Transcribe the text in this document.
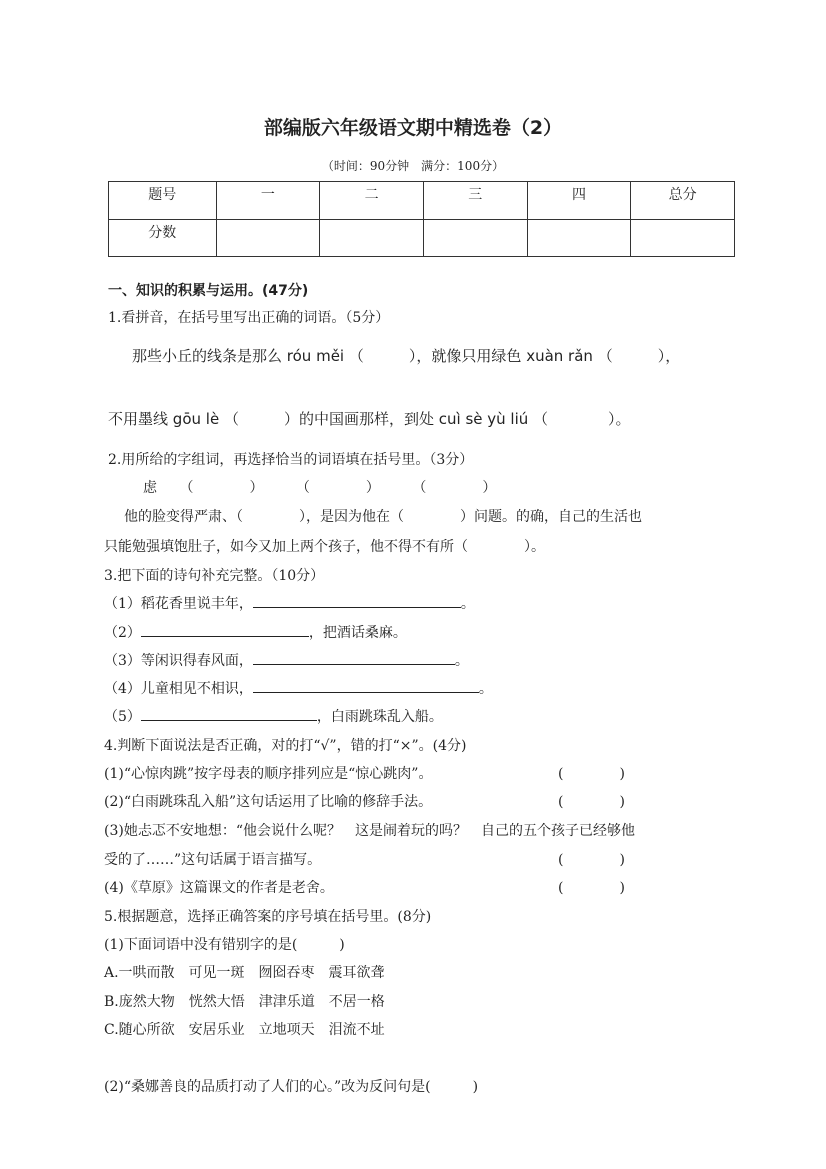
部编版六年级语文期中精选卷（2）
（时间：90分钟　满分：100分）
题号	一	二	三	四	总分
分数					
一、知识的积累与运用。(47分)
1.看拼音，在括号里写出正确的词语。（5分）
那些小丘的线条是那么 róu měi （　　　），就像只用绿色 xuàn rǎn （　　　），
不用墨线 gōu lè （　　　）的中国画那样，到处 cuì sè yù liú （　　　　）。
2.用所给的字组词，再选择恰当的词语填在括号里。（3分）
虑 （　　　　） （　　　　） （　　　　）
他的脸变得严肃、（　　　　	），是因为他在（　　　　	）问题。的确，自己的生活也
只能勉强填饱肚子，如今又加上两个孩子，他不得不有所（　　　　	）。
3.把下面的诗句补充完整。（10分）
（1）稻花香里说丰年，	。
（2）	，把酒话桑麻。
（3）等闲识得春风面，	。
（4）儿童相见不相识，	。
（5）	，白雨跳珠乱入船。
4.判断下面说法是否正确，对的打“√”，错的打“×”。(4分)
(1)“心惊肉跳”按字母表的顺序排列应是“惊心跳肉”。	(　　　　)
(2)“白雨跳珠乱入船”这句话运用了比喻的修辞手法。	(　　　　)
(3)她忐忑不安地想：“他会说什么呢？　这是闹着玩的吗？　自己的五个孩子已经够他
受的了……”这句话属于语言描写。	(　　　　)
(4)《草原》这篇课文的作者是老舍。	(　　　　)
5.根据题意，选择正确答案的序号填在括号里。(8分)
(1)下面词语中没有错别字的是(　　　)
A.一哄而散　可见一斑　囫囵吞枣　震耳欲聋
B.庞然大物　恍然大悟　津津乐道　不居一格
C.随心所欲　安居乐业　立地项天　泪流不址
(2)“桑娜善良的品质打动了人们的心。”改为反问句是(　　　)
